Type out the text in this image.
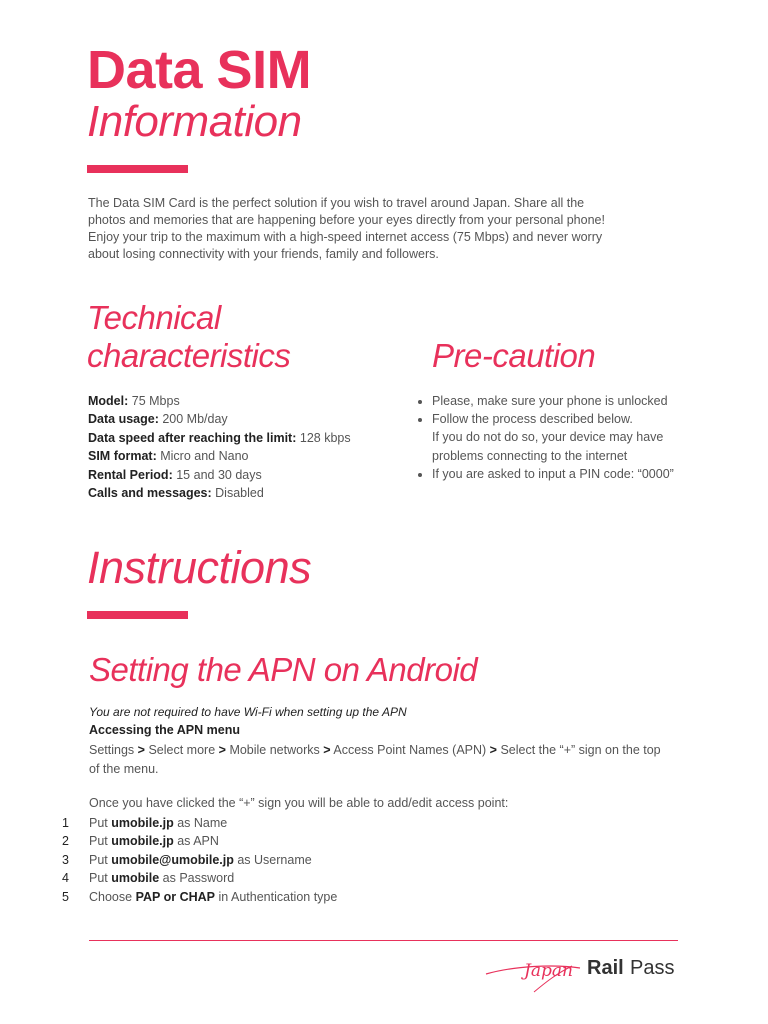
Data SIM
Information
The Data SIM Card is the perfect solution if you wish to travel around Japan. Share all the photos and memories that are happening before your eyes directly from your personal phone! Enjoy your trip to the maximum with a high-speed internet access (75 Mbps) and never worry about losing connectivity with your friends, family and followers.
Technical
characteristics
Model: 75 Mbps
Data usage: 200 Mb/day
Data speed after reaching the limit: 128 kbps
SIM format: Micro and Nano
Rental Period: 15 and 30 days
Calls and messages: Disabled
Pre-caution
• Please, make sure your phone is unlocked
• Follow the process described below.
If you do not do so, your device may have problems connecting to the internet
• If you are asked to input a PIN code: “0000”
Instructions
Setting the APN on Android
You are not required to have Wi-Fi when setting up the APN
Accessing the APN menu
Settings > Select more > Mobile networks > Access Point Names (APN) > Select the “+” sign on the top of the menu.
Once you have clicked the “+” sign you will be able to add/edit access point:
1	Put umobile.jp as Name
2	Put umobile.jp as APN
3	Put umobile@umobile.jp as Username
4	Put umobile as Password
5	Choose PAP or CHAP in Authentication type
Japan Rail Pass
